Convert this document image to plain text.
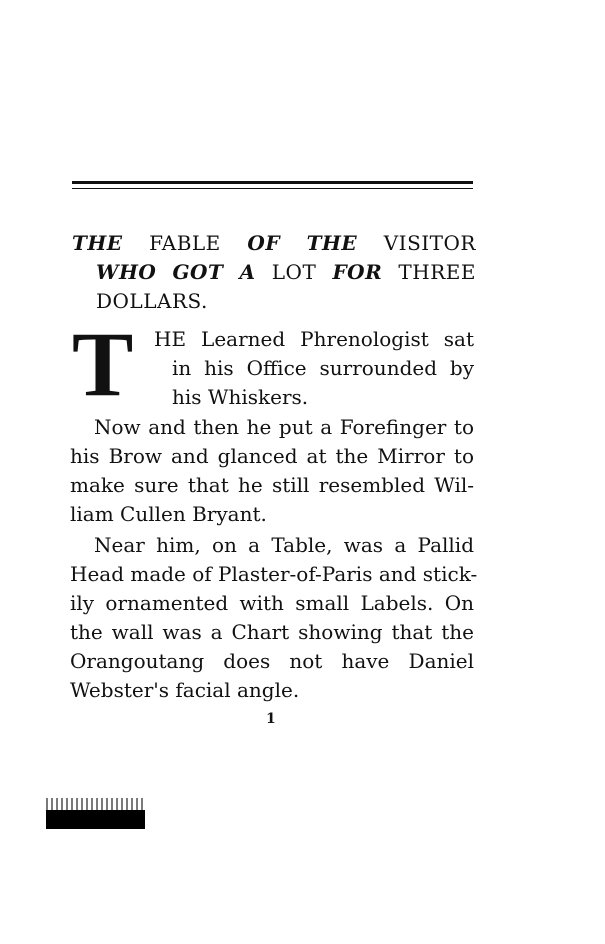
THE FABLE OF THE VISITOR
WHO GOT A LOT FOR THREE
DOLLARS.
T HE Learned Phrenologist sat
in his Office surrounded by
his Whiskers.
Now and then he put a Forefinger to
his Brow and glanced at the Mirror to
make sure that he still resembled Wil-
liam Cullen Bryant.
Near him, on a Table, was a Pallid
Head made of Plaster-of-Paris and stick-
ily ornamented with small Labels. On
the wall was a Chart showing that the
Orangoutang does not have Daniel
Webster's facial angle.
1
